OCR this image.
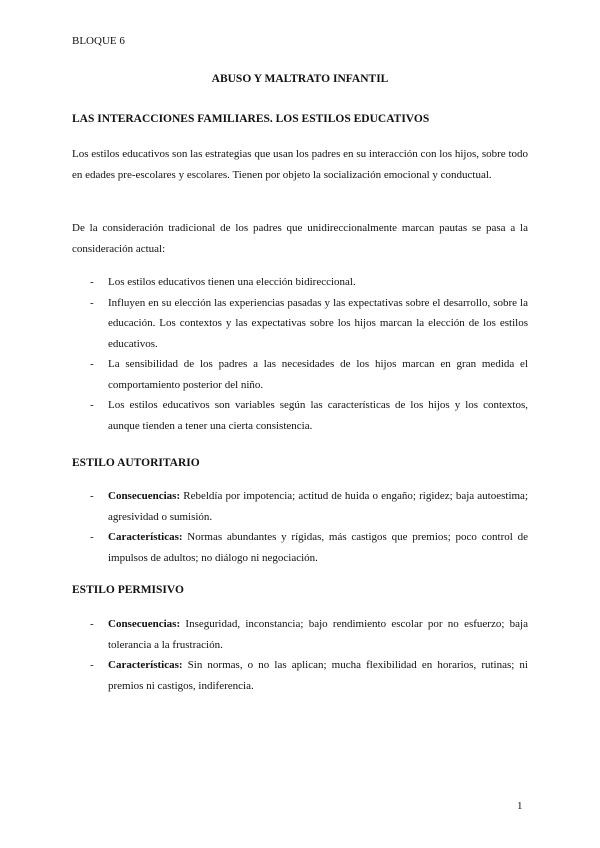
BLOQUE 6
ABUSO Y MALTRATO INFANTIL
LAS INTERACCIONES FAMILIARES. LOS ESTILOS EDUCATIVOS
Los estilos educativos son las estrategias que usan los padres en su interacción con los hijos, sobre todo en edades pre-escolares y escolares. Tienen por objeto la socialización emocional y conductual.
De la consideración tradicional de los padres que unidireccionalmente marcan pautas se pasa a la consideración actual:
- Los estilos educativos tienen una elección bidireccional.
- Influyen en su elección las experiencias pasadas y las expectativas sobre el desarrollo, sobre la educación. Los contextos y las expectativas sobre los hijos marcan la elección de los estilos educativos.
- La sensibilidad de los padres a las necesidades de los hijos marcan en gran medida el comportamiento posterior del niño.
- Los estilos educativos son variables según las características de los hijos y los contextos, aunque tienden a tener una cierta consistencia.
ESTILO AUTORITARIO
- Consecuencias: Rebeldía por impotencia; actitud de huida o engaño; rigidez; baja autoestima; agresividad o sumisión.
- Características: Normas abundantes y rígidas, más castigos que premios; poco control de impulsos de adultos; no diálogo ni negociación.
ESTILO PERMISIVO
- Consecuencias: Inseguridad, inconstancia; bajo rendimiento escolar por no esfuerzo; baja tolerancia a la frustración.
- Características: Sin normas, o no las aplican; mucha flexibilidad en horarios, rutinas; ni premios ni castigos, indiferencia.
1
